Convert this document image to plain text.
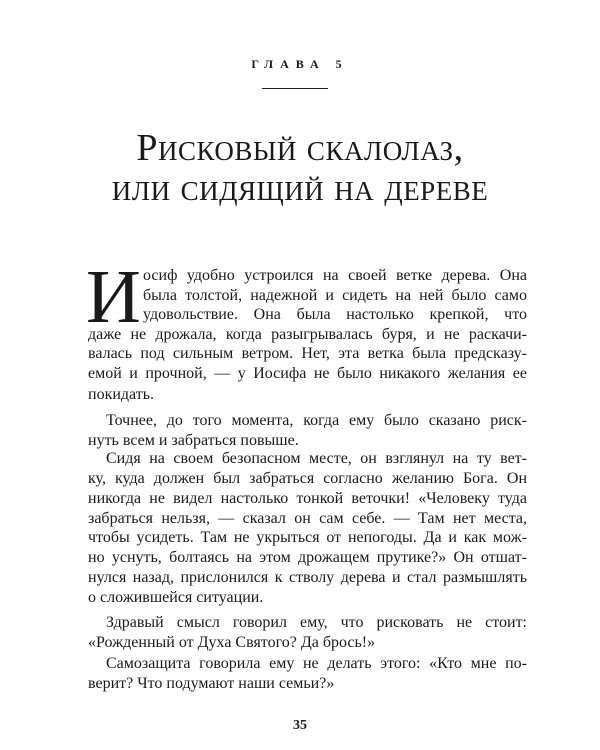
ГЛАВА 5
Рисковый скалолаз,
или сидящий на дереве
И осиф удобно устроился на своей ветке дерева. Она
была толстой, надежной и сидеть на ней было само
удовольствие. Она была настолько крепкой, что
даже не дрожала, когда разыгрывалась буря, и не раскачи-
валась под сильным ветром. Нет, эта ветка была предсказу-
емой и прочной, — у Иосифа не было никакого желания ее
покидать.
Точнее, до того момента, когда ему было сказано риск-
нуть всем и забраться повыше.
Сидя на своем безопасном месте, он взглянул на ту вет-
ку, куда должен был забраться согласно желанию Бога. Он
никогда не видел настолько тонкой веточки! «Человеку туда
забраться нельзя, — сказал он сам себе. — Там нет места,
чтобы усидеть. Там не укрыться от непогоды. Да и как мож-
но уснуть, болтаясь на этом дрожащем прутике?» Он отшат-
нулся назад, прислонился к стволу дерева и стал размышлять
о сложившейся ситуации.
Здравый смысл говорил ему, что рисковать не стоит:
«Рожденный от Духа Святого? Да брось!»
Самозащита говорила ему не делать этого: «Кто мне по-
верит? Что подумают наши семьи?»
35
